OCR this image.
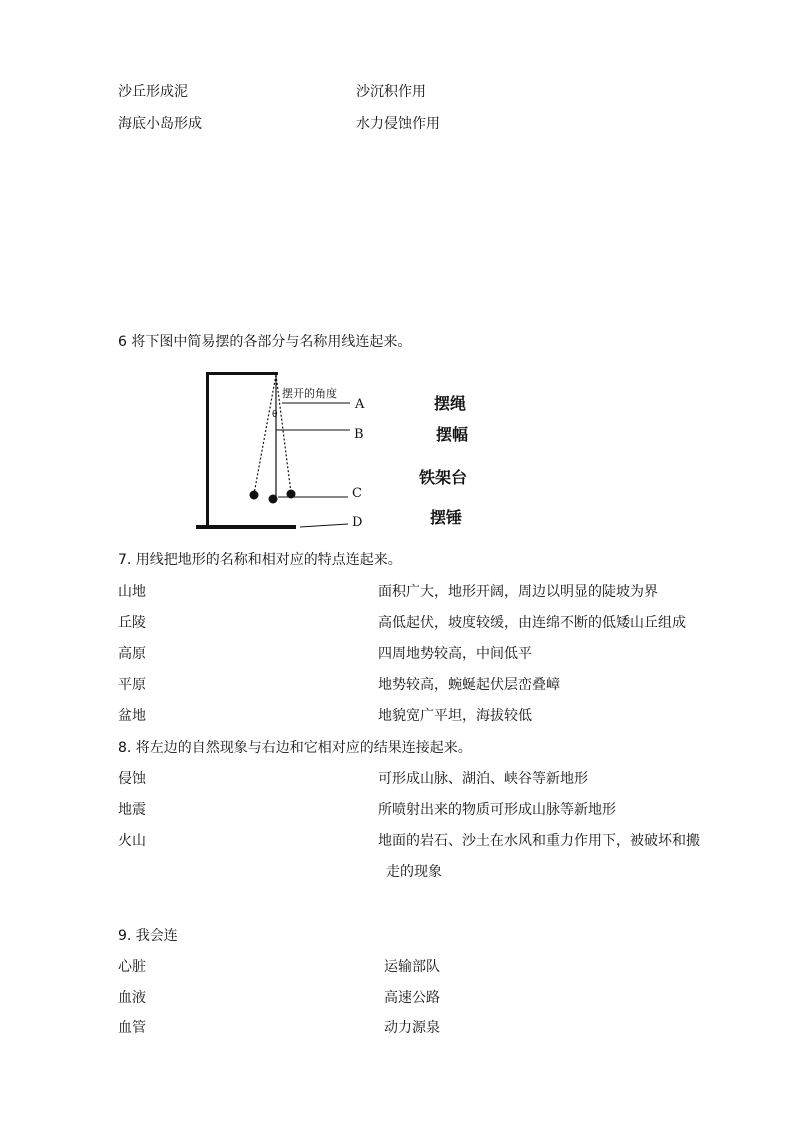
沙丘形成泥	沙沉积作用
海底小岛形成	水力侵蚀作用
6 将下图中简易摆的各部分与名称用线连起来。
摆开的角度
θ
A
B
C
D
摆绳
摆幅
铁架台
摆锤
7. 用线把地形的名称和相对应的特点连起来。
山地
丘陵
高原
平原
盆地
面积广大，地形开阔，周边以明显的陡坡为界
高低起伏，坡度较缓，由连绵不断的低矮山丘组成
四周地势较高，中间低平
地势较高，蜿蜒起伏层峦叠嶂
地貌宽广平坦，海拔较低
8. 将左边的自然现象与右边和它相对应的结果连接起来。
侵蚀
地震
火山
可形成山脉、湖泊、峡谷等新地形
所喷射出来的物质可形成山脉等新地形
地面的岩石、沙土在水风和重力作用下，被破坏和搬
走的现象
9. 我会连
心脏
血液
血管
运输部队
高速公路
动力源泉
